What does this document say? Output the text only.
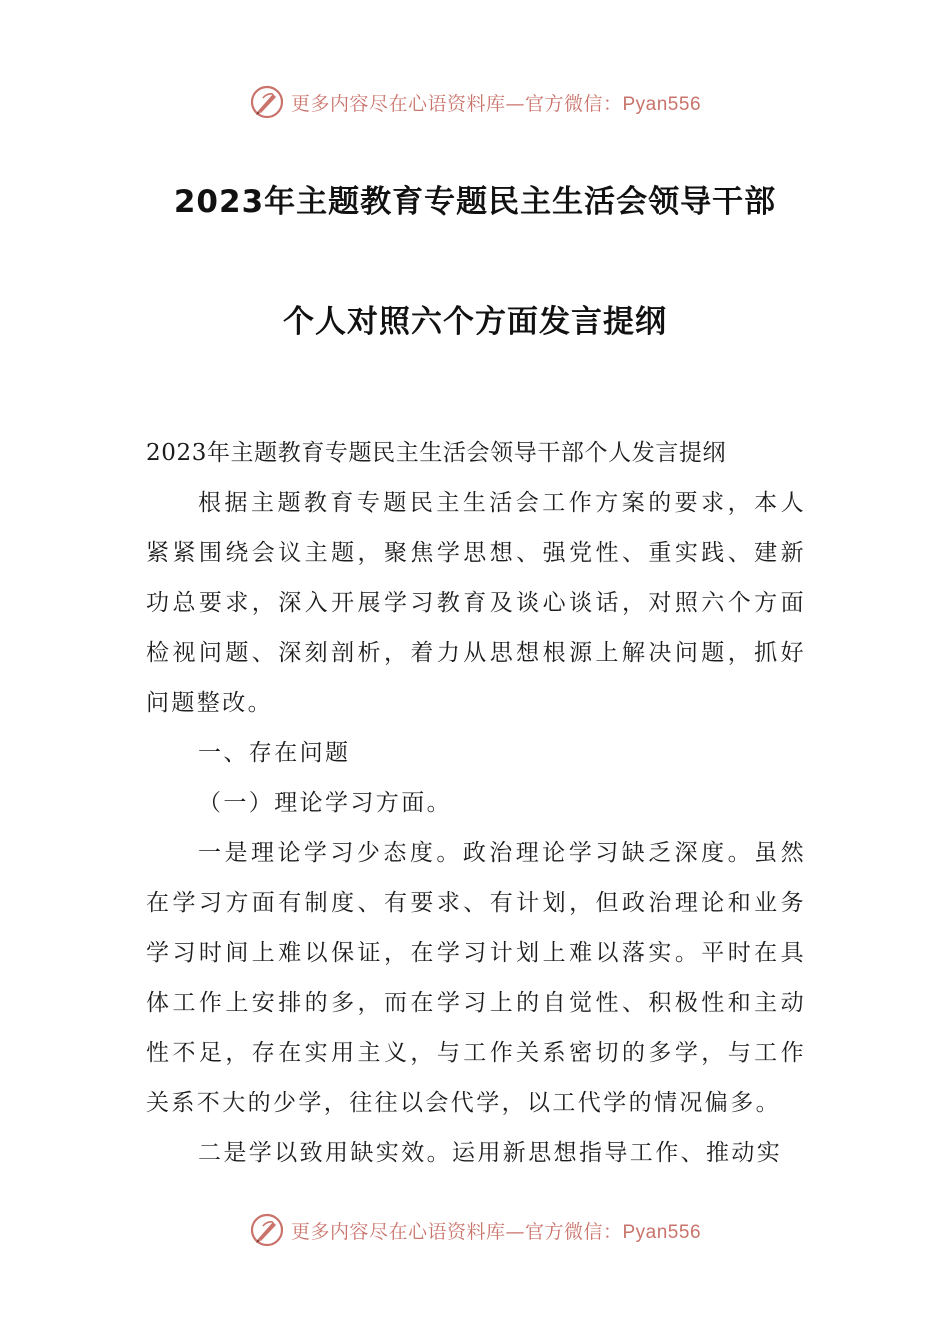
更多内容尽在心语资料库—官方微信：Pyan556
2023年主题教育专题民主生活会领导干部
个人对照六个方面发言提纲

2023年主题教育专题民主生活会领导干部个人发言提纲

根据主题教育专题民主生活会工作方案的要求，本人紧紧围绕会议主题，聚焦学思想、强党性、重实践、建新功总要求，深入开展学习教育及谈心谈话，对照六个方面检视问题、深刻剖析，着力从思想根源上解决问题，抓好问题整改。

一、存在问题

（一）理论学习方面。

一是理论学习少态度。政治理论学习缺乏深度。虽然在学习方面有制度、有要求、有计划，但政治理论和业务学习时间上难以保证，在学习计划上难以落实。平时在具体工作上安排的多，而在学习上的自觉性、积极性和主动性不足，存在实用主义，与工作关系密切的多学，与工作关系不大的少学，往往以会代学，以工代学的情况偏多。

二是学以致用缺实效。运用新思想指导工作、推动实

更多内容尽在心语资料库—官方微信：Pyan556
